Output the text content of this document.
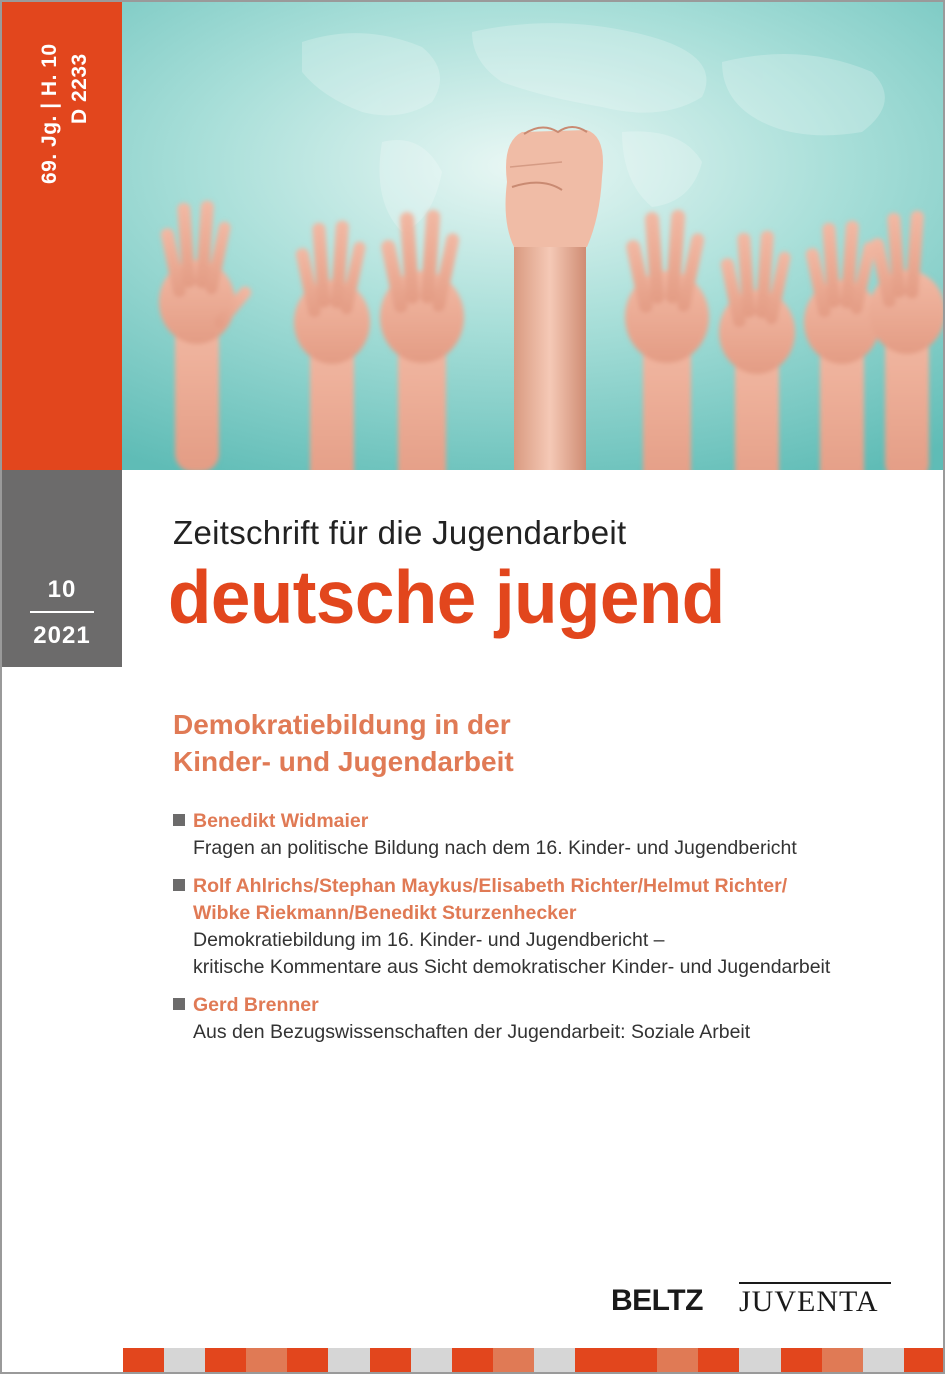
69. Jg. | H. 10 D 2233
10
2021
Zeitschrift für die Jugendarbeit
deutsche jugend
Demokratiebildung in der
Kinder- und Jugendarbeit
Benedikt Widmaier
Fragen an politische Bildung nach dem 16. Kinder- und Jugendbericht
Rolf Ahlrichs/Stephan Maykus/Elisabeth Richter/Helmut Richter/
Wibke Riekmann/Benedikt Sturzenhecker
Demokratiebildung im 16. Kinder- und Jugendbericht –
kritische Kommentare aus Sicht demokratischer Kinder- und Jugendarbeit
Gerd Brenner
Aus den Bezugswissenschaften der Jugendarbeit: Soziale Arbeit
BELTZ JUVENTA
